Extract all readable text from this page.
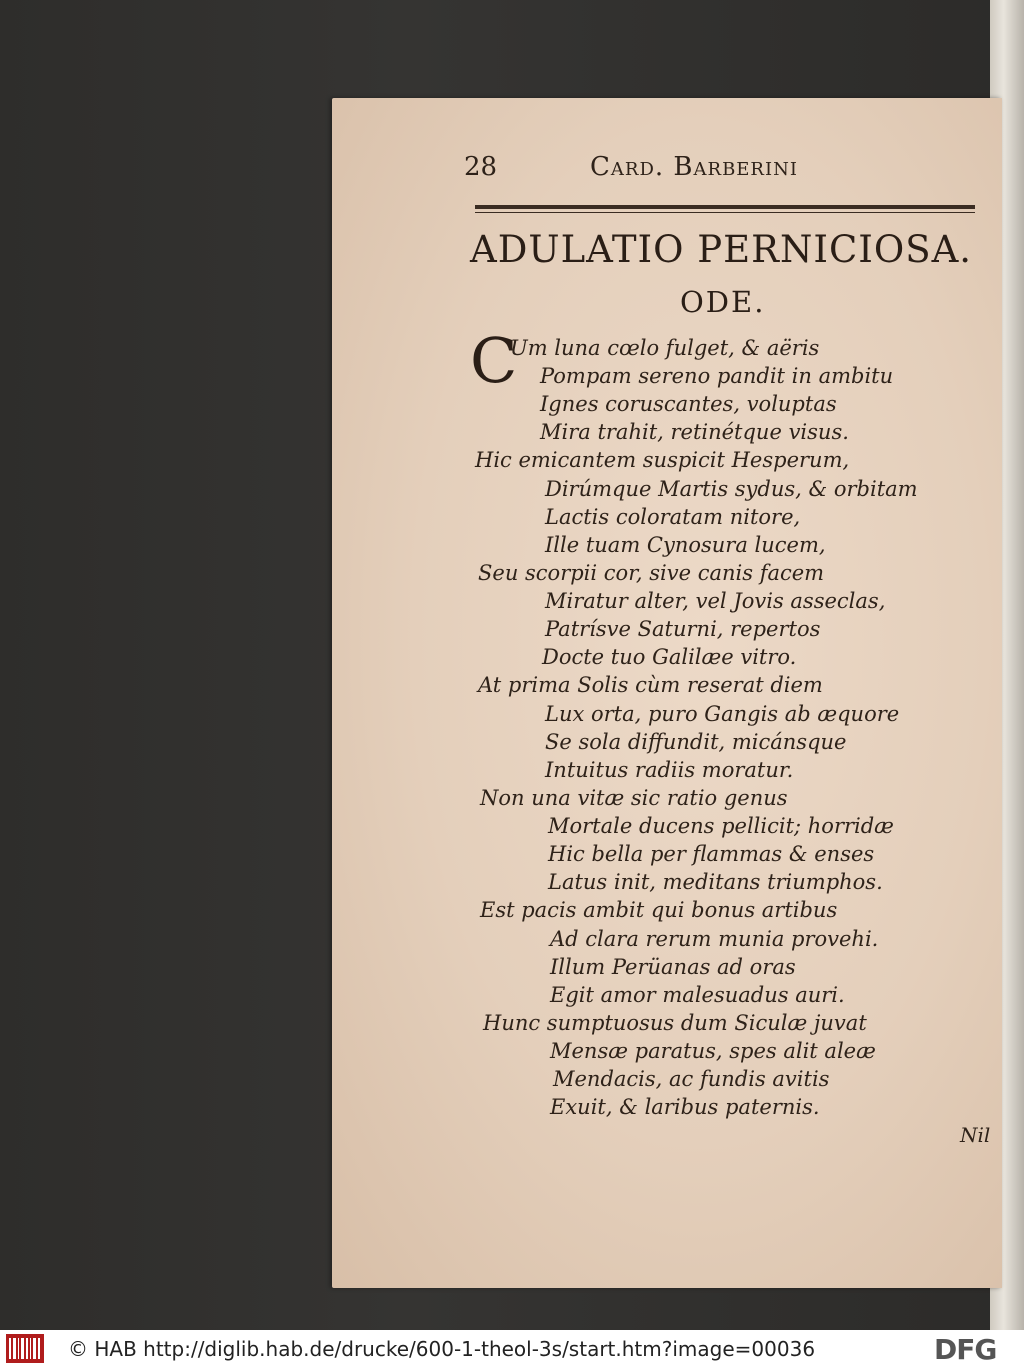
28	Card. Barberini
ADULATIO PERNICIOSA.
ODE.
C
Um luna cœlo fulget, & aëris
Pompam sereno pandit in ambitu
Ignes coruscantes, voluptas
Mira trahit, retinétque visus.
Hic emicantem suspicit Hesperum,
Dirúmque Martis sydus, & orbitam
Lactis coloratam nitore,
Ille tuam Cynosura lucem,
Seu scorpii cor, sive canis facem
Miratur alter, vel Jovis asseclas,
Patrísve Saturni, repertos
Docte tuo Galilæe vitro.
At prima Solis cùm reserat diem
Lux orta, puro Gangis ab æquore
Se sola diffundit, micánsque
Intuitus radiis moratur.
Non una vitæ sic ratio genus
Mortale ducens pellicit; horridæ
Hic bella per flammas & enses
Latus init, meditans triumphos.
Est pacis ambit qui bonus artibus
Ad clara rerum munia provehi.
Illum Perüanas ad oras
Egit amor malesuadus auri.
Hunc sumptuosus dum Siculæ juvat
Mensæ paratus, spes alit aleæ
Mendacis, ac fundis avitis
Exuit, & laribus paternis.
Nil
© HAB http://diglib.hab.de/drucke/600-1-theol-3s/start.htm?image=00036	DFG
